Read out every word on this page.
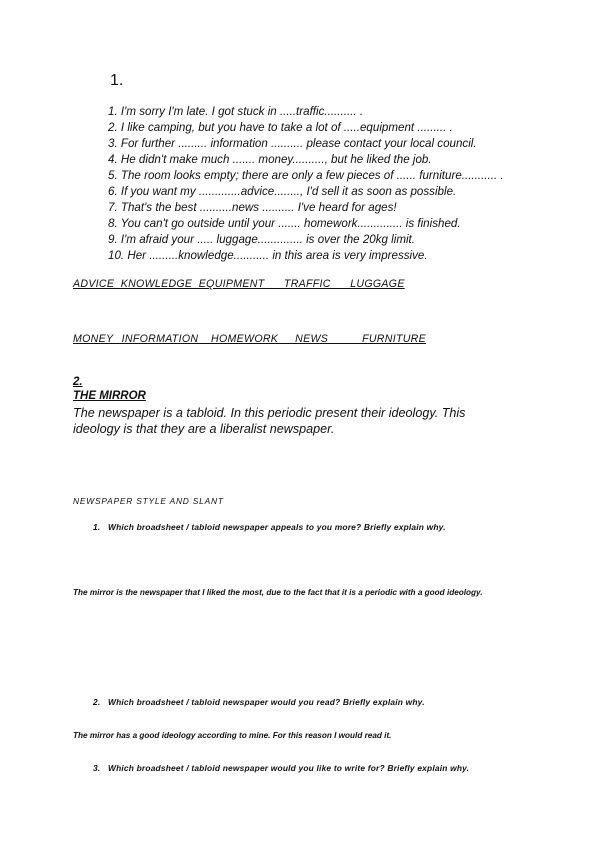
1.
1. I'm sorry I'm late. I got stuck in .....traffic.......... .
2. I like camping, but you have to take a lot of .....equipment ......... .
3. For further ......... information .......... please contact your local council.
4. He didn't make much ....... money.........., but he liked the job.
5. The room looks empty; there are only a few pieces of ...... furniture........... .
6. If you want my .............advice........, I'd sell it as soon as possible.
7. That's the best ..........news .......... I've heard for ages!
8. You can't go outside until your ....... homework.............. is finished.
9. I'm afraid your ..... luggage.............. is over the 20kg limit.
10. Her .........knowledge........... in this area is very impressive.
ADVICE  KNOWLEDGE  EQUIPMENT      TRAFFIC      LUGGAGE
MONEY  INFORMATION   HOMEWORK    NEWS        FURNITURE
2.
THE MIRROR
The newspaper is a tabloid. In this periodic present their ideology. This ideology is that they are a liberalist newspaper.
NEWSPAPER STYLE AND SLANT
1.   Which broadsheet / tabloid newspaper appeals to you more? Briefly explain why.
The mirror is the newspaper that I liked the most, due to the fact that it is a periodic with a good ideology.
2.   Which broadsheet / tabloid newspaper would you read? Briefly explain why.
The mirror has a good ideology according to mine. For this reason I would read it.
3.   Which broadsheet / tabloid newspaper would you like to write for? Briefly explain why.
